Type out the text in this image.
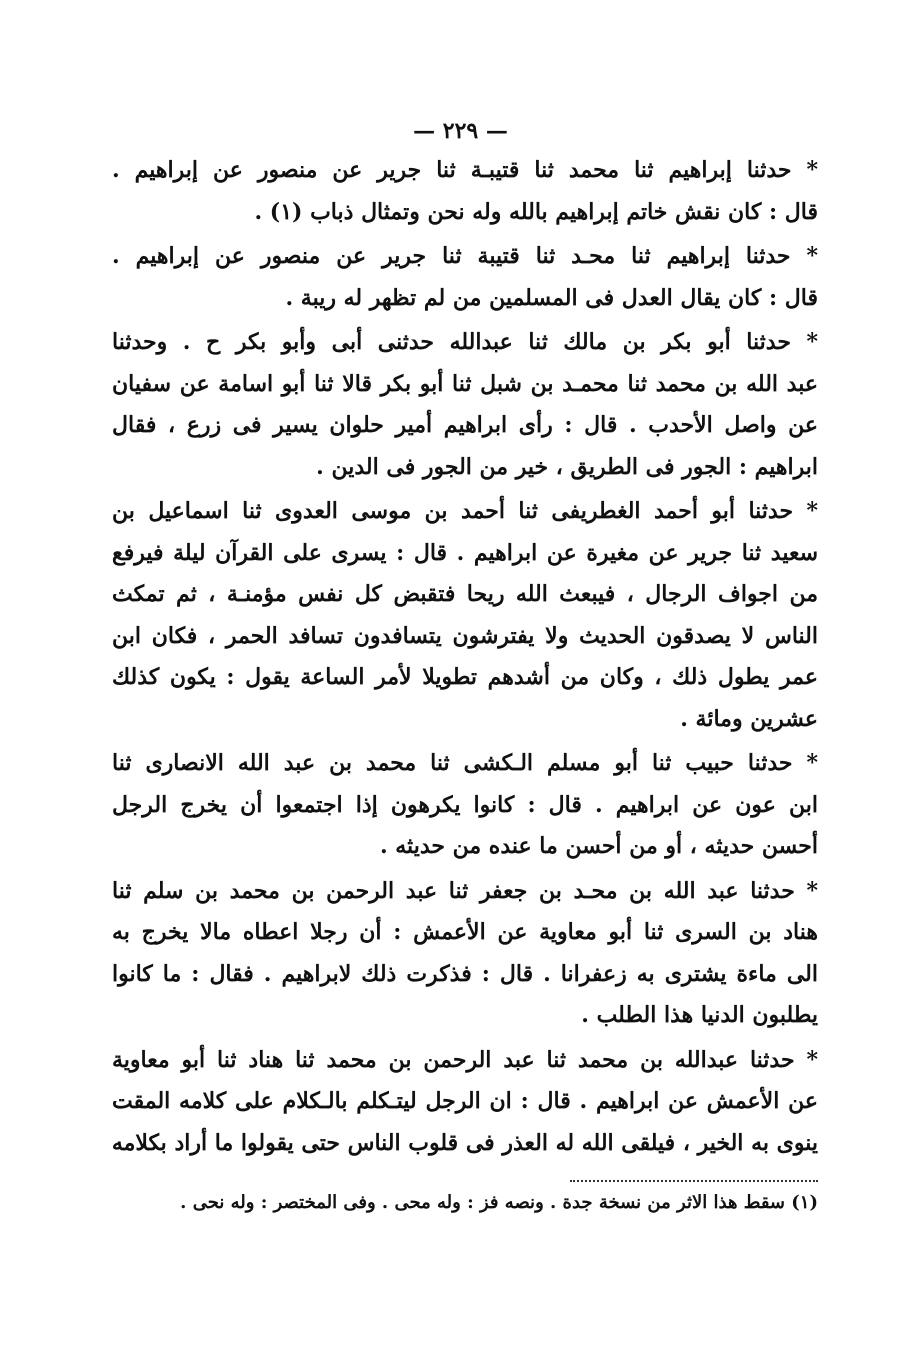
— ٢٢٩ —
* حدثنا إبراهيم ثنا محمد ثنا قتيبـة ثنا جرير عن منصور عن إبراهيم .
قال : كان نقش خاتم إبراهيم بالله وله نحن وتمثال ذباب (١) .
* حدثنا إبراهيم ثنا محـد ثنا قتيبة ثنا جرير عن منصور عن إبراهيم .
قال : كان يقال العدل فى المسلمين من لم تظهر له ريبة .
* حدثنا أبو بكر بن مالك ثنا عبدالله حدثنى أبى وأبو بكر ح . وحدثنا
عبد الله بن محمد ثنا محمـد بن شبل ثنا أبو بكر قالا ثنا أبو اسامة عن سفيان
عن واصل الأحدب . قال : رأى ابراهيم أمير حلوان يسير فى زرع ، فقال
ابراهيم : الجور فى الطريق ، خير من الجور فى الدين .
* حدثنا أبو أحمد الغطريفى ثنا أحمد بن موسى العدوى ثنا اسماعيل بن
سعيد ثنا جرير عن مغيرة عن ابراهيم . قال : يسرى على القرآن ليلة فيرفع
من اجواف الرجال ، فيبعث الله ريحا فتقبض كل نفس مؤمنـة ، ثم تمكث
الناس لا يصدقون الحديث ولا يفترشون يتسافدون تسافد الحمر ، فكان ابن
عمر يطول ذلك ، وكان من أشدهم تطويلا لأمر الساعة يقول : يكون كذلك
عشرين ومائة .
* حدثنا حبيب ثنا أبو مسلم الـكشى ثنا محمد بن عبد الله الانصارى ثنا
ابن عون عن ابراهيم . قال : كانوا يكرهون إذا اجتمعوا أن يخرج الرجل
أحسن حديثه ، أو من أحسن ما عنده من حديثه .
* حدثنا عبد الله بن محـد بن جعفر ثنا عبد الرحمن بن محمد بن سلم ثنا
هناد بن السرى ثنا أبو معاوية عن الأعمش : أن رجلا اعطاه مالا يخرج به
الى ماءة يشترى به زعفرانا . قال : فذكرت ذلك لابراهيم . فقال : ما كانوا
يطلبون الدنيا هذا الطلب .
* حدثنا عبدالله بن محمد ثنا عبد الرحمن بن محمد ثنا هناد ثنا أبو معاوية
عن الأعمش عن ابراهيم . قال : ان الرجل ليتـكلم بالـكلام على كلامه المقت
ينوى به الخير ، فيلقى الله له العذر فى قلوب الناس حتى يقولوا ما أراد بكلامه
(١) سقط هذا الاثر من نسخة جدة . ونصه فز : وله محى . وفى المختصر : وله نحى .
